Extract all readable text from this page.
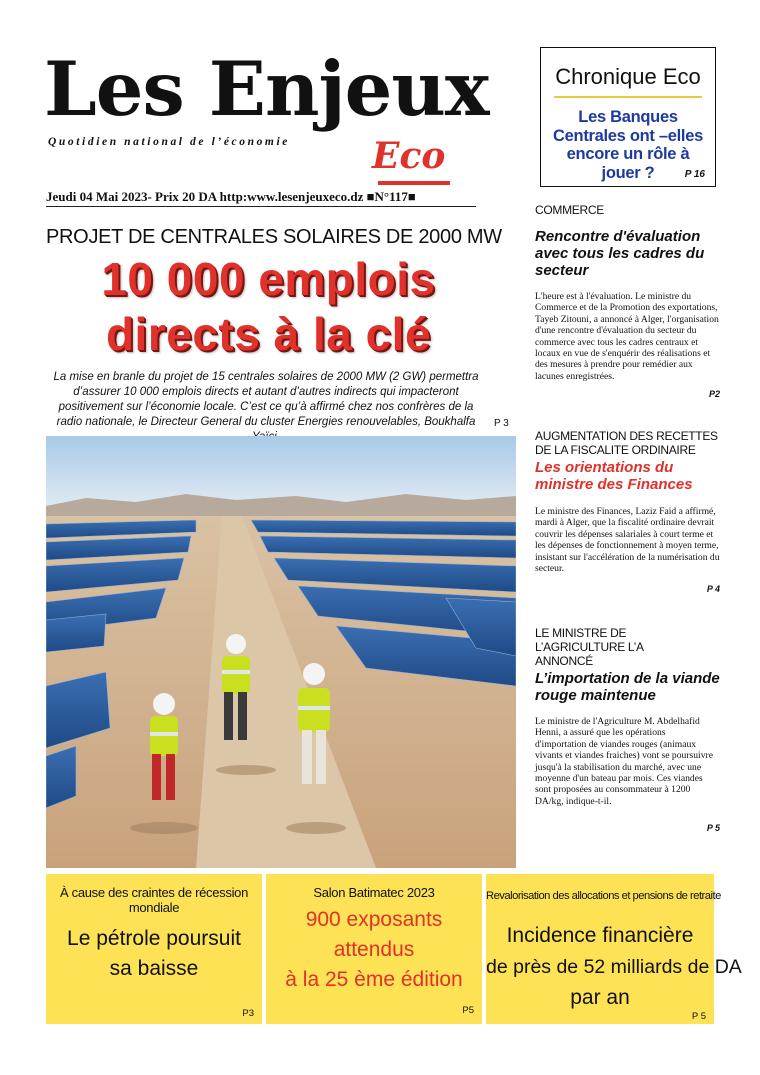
Les Enjeux
Quotidien national de l’économie Eco
Jeudi 04 Mai 2023- Prix 20 DA http:www.lesenjeuxeco.dz ■N°117■
Chronique Eco
Les Banques Centrales ont –elles encore un rôle à jouer ?	P 16
PROJET DE CENTRALES SOLAIRES DE 2000 MW
10 000 emplois
directs à la clé
La mise en branle du projet de 15 centrales solaires de 2000 MW (2 GW) permettra d’assurer 10 000 emplois directs et autant d’autres indirects qui impacteront positivement sur l’économie locale. C’est ce qu’à affirmé chez nos confrères de la radio nationale, le Directeur General du cluster Energies renouvelables, Boukhalfa	P 3
COMMERCE
Rencontre d'évaluation avec tous les cadres du secteur
L'heure est à l'évaluation. Le ministre du Commerce et de la Promotion des exportations, Tayeb Zitouni, a annoncé à Alger, l'organisation d'une rencontre d'évaluation du secteur du commerce avec tous les cadres centraux et locaux en vue de s'enquérir des réalisations et des mesures à prendre pour remédier aux lacunes enregistrées.
P2
AUGMENTATION DES RECETTES DE LA FISCALITE ORDINAIRE
Les orientations du ministre des Finances
Le ministre des Finances, Laziz Faid a affirmé, mardi à Alger, que la fiscalité ordinaire devrait couvrir les dépenses salariales à court terme et les dépenses de fonctionnement à moyen terme, insistant sur l'accélération de la numérisation du secteur.
P 4
LE MINISTRE DE L’AGRICULTURE L’A ANNONCÉ
L’importation de la viande rouge maintenue
Le ministre de l'Agriculture M. Abdelhafid Henni, a assuré que les opérations d'importation de viandes rouges (animaux vivants et viandes fraiches) vont se poursuivre jusqu'à la stabilisation du marché, avec une moyenne d'un bateau par mois. Ces viandes sont proposées au consommateur à 1200 DA/kg, indique-t-il.
P 5
À cause des craintes de récession mondiale
Le pétrole poursuit
sa baisse
P3
Salon Batimatec 2023
900 exposants
attendus
à la 25 ème édition
P5
Revalorisation des allocations et pensions de retraite
Incidence financière
de près de 52 milliards de DA
par an
P 5
